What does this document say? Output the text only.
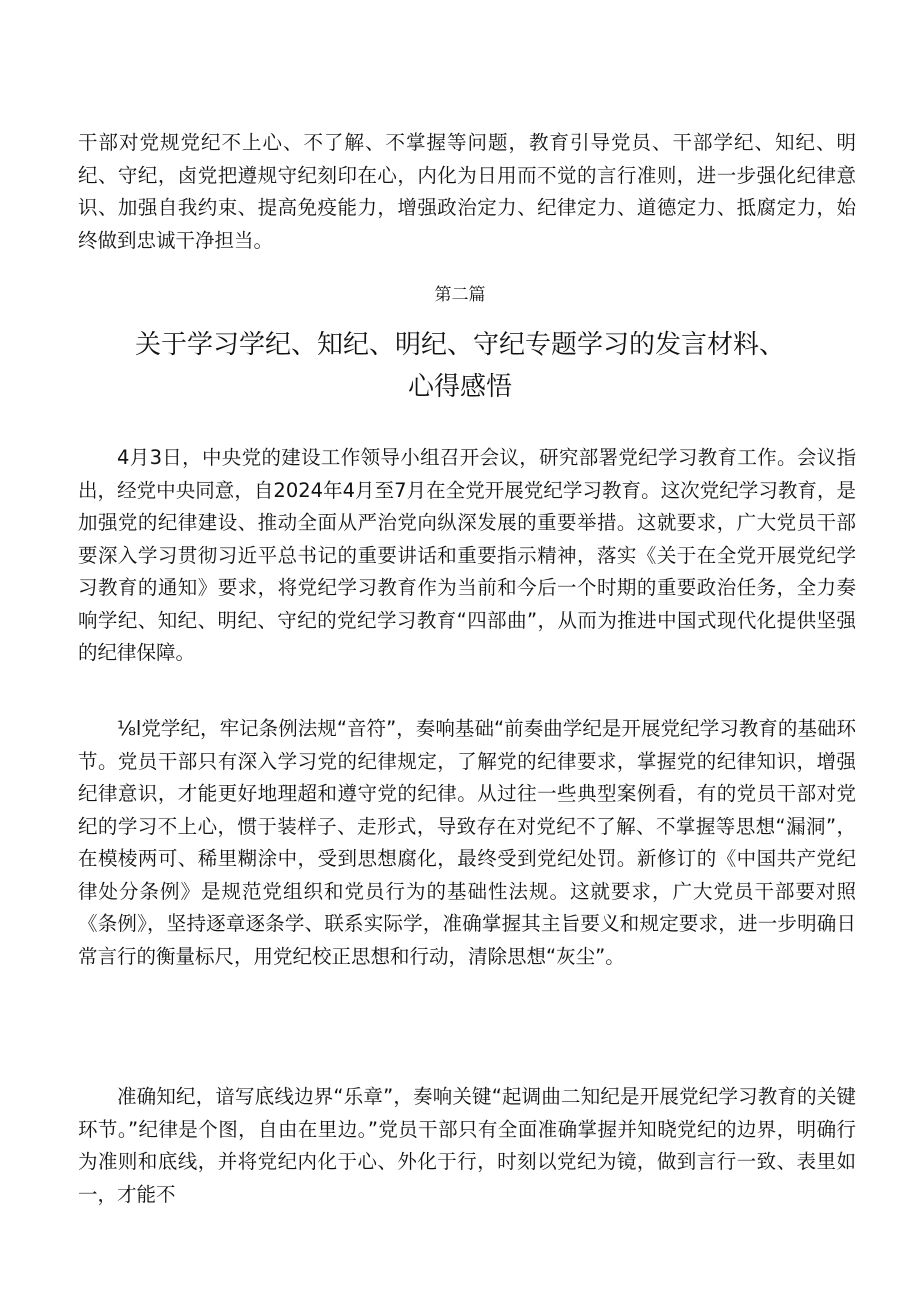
干部对党规党纪不上心、不了解、不掌握等问题，教育引导党员、干部学纪、知纪、明纪、守纪，卤党把遵规守纪刻印在心，内化为日用而不觉的言行准则，进一步强化纪律意识、加强自我约束、提高免疫能力，增强政治定力、纪律定力、道德定力、抵腐定力，始终做到忠诚干净担当。

第二篇
关于学习学纪、知纪、明纪、守纪专题学习的发言材料、
心得感悟

4月3日，中央党的建设工作领导小组召开会议，研究部署党纪学习教育工作。会议指出，经党中央同意，自2024年4月至7月在全党开展党纪学习教育。这次党纪学习教育，是加强党的纪律建设、推动全面从严治党向纵深发展的重要举措。这就要求，广大党员干部要深入学习贯彻习近平总书记的重要讲话和重要指示精神，落实《关于在全党开展党纪学习教育的通知》要求，将党纪学习教育作为当前和今后一个时期的重要政治任务，全力奏响学纪、知纪、明纪、守纪的党纪学习教育“四部曲”，从而为推进中国式现代化提供坚强的纪律保障。

⅛l党学纪，牢记条例法规“音符”，奏响基础“前奏曲学纪是开展党纪学习教育的基础环节。党员干部只有深入学习党的纪律规定，了解党的纪律要求，掌握党的纪律知识，增强纪律意识，才能更好地理超和遵守党的纪律。从过往一些典型案例看，有的党员干部对党纪的学习不上心，惯于装样子、走形式，导致存在对党纪不了解、不掌握等思想“漏洞”，在模棱两可、稀里糊涂中，受到思想腐化，最终受到党纪处罚。新修订的《中国共产党纪律处分条例》是规范党组织和党员行为的基础性法规。这就要求，广大党员干部要对照《条例》，坚持逐章逐条学、联系实际学，准确掌握其主旨要义和规定要求，进一步明确日常言行的衡量标尺，用党纪校正思想和行动，清除思想“灰尘”。

准确知纪，谙写底线边界“乐章”，奏响关键“起调曲二知纪是开展党纪学习教育的关键环节。”纪律是个图，自由在里边。”党员干部只有全面准确掌握并知晓党纪的边界，明确行为准则和底线，并将党纪内化于心、外化于行，时刻以党纪为镜，做到言行一致、表里如一，才能不
